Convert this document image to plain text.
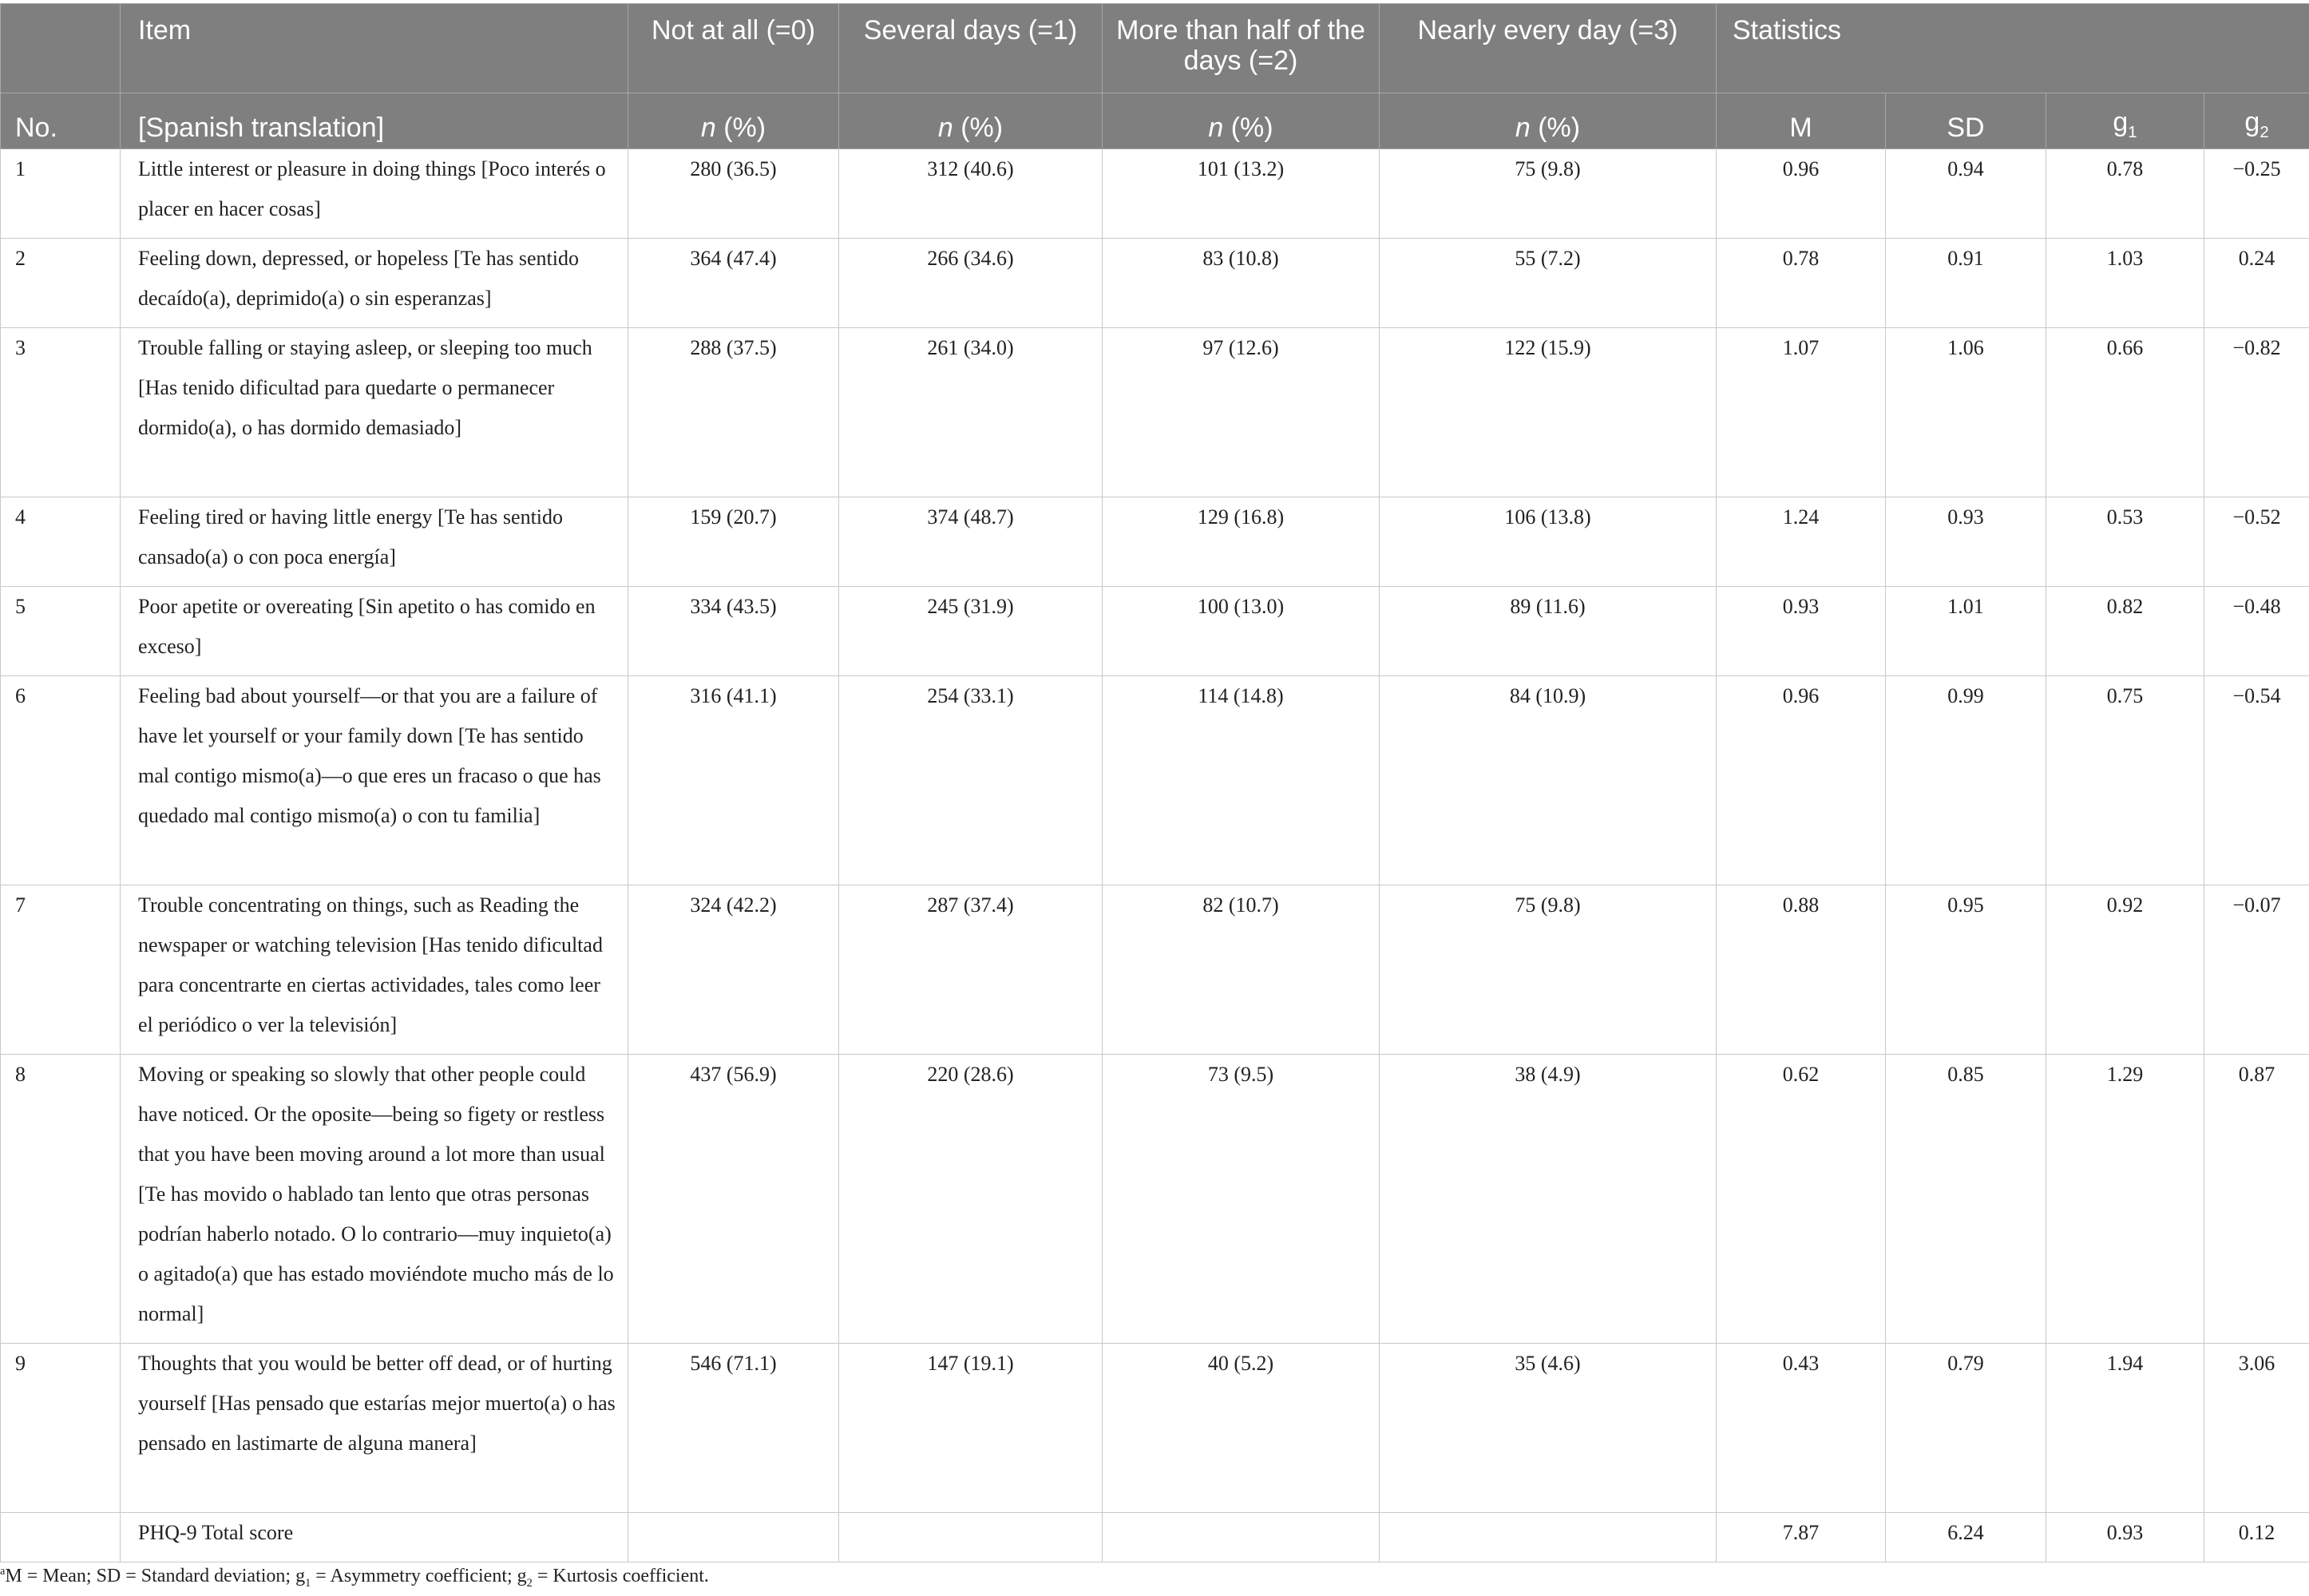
	Item	Not at all (=0)	Several days (=1)	More than half of the days (=2)	Nearly every day (=3)	Statistics			
No.	[Spanish translation]	n (%)	n (%)	n (%)	n (%)	M	SD	$g_1$	$g_2$
1	Little interest or pleasure in doing things [Poco interés o placer en hacer cosas]	280 (36.5)	312 (40.6)	101 (13.2)	75 (9.8)	0.96	0.94	0.78	−0.25
2	Feeling down, depressed, or hopeless [Te has sentido decaído(a), deprimido(a) o sin esperanzas]	364 (47.4)	266 (34.6)	83 (10.8)	55 (7.2)	0.78	0.91	1.03	0.24
3	Trouble falling or staying asleep, or sleeping too much [Has tenido dificultad para quedarte o permanecer dormido(a), o has dormido demasiado]	288 (37.5)	261 (34.0)	97 (12.6)	122 (15.9)	1.07	1.06	0.66	−0.82
4	Feeling tired or having little energy [Te has sentido cansado(a) o con poca energía]	159 (20.7)	374 (48.7)	129 (16.8)	106 (13.8)	1.24	0.93	0.53	−0.52
5	Poor apetite or overeating [Sin apetito o has comido en exceso]	334 (43.5)	245 (31.9)	100 (13.0)	89 (11.6)	0.93	1.01	0.82	−0.48
6	Feeling bad about yourself—or that you are a failure of have let yourself or your family down [Te has sentido mal contigo mismo(a)—o que eres un fracaso o que has quedado mal contigo mismo(a) o con tu familia]	316 (41.1)	254 (33.1)	114 (14.8)	84 (10.9)	0.96	0.99	0.75	−0.54
7	Trouble concentrating on things, such as Reading the newspaper or watching television [Has tenido dificultad para concentrarte en ciertas actividades, tales como leer el periódico o ver la televisión]	324 (42.2)	287 (37.4)	82 (10.7)	75 (9.8)	0.88	0.95	0.92	−0.07
8	Moving or speaking so slowly that other people could have noticed. Or the oposite—being so figety or restless that you have been moving around a lot more than usual [Te has movido o hablado tan lento que otras personas podrían haberlo notado. O lo contrario—muy inquieto(a) o agitado(a) que has estado moviéndote mucho más de lo normal]	437 (56.9)	220 (28.6)	73 (9.5)	38 (4.9)	0.62	0.85	1.29	0.87
9	Thoughts that you would be better off dead, or of hurting yourself [Has pensado que estarías mejor muerto(a) o has pensado en lastimarte de alguna manera]	546 (71.1)	147 (19.1)	40 (5.2)	35 (4.6)	0.43	0.79	1.94	3.06
	PHQ-9 Total score					7.87	6.24	0.93	0.12
$^a$M = Mean; SD = Standard deviation; $g_1$ = Asymmetry coefficient; $g_2$ = Kurtosis coefficient.
